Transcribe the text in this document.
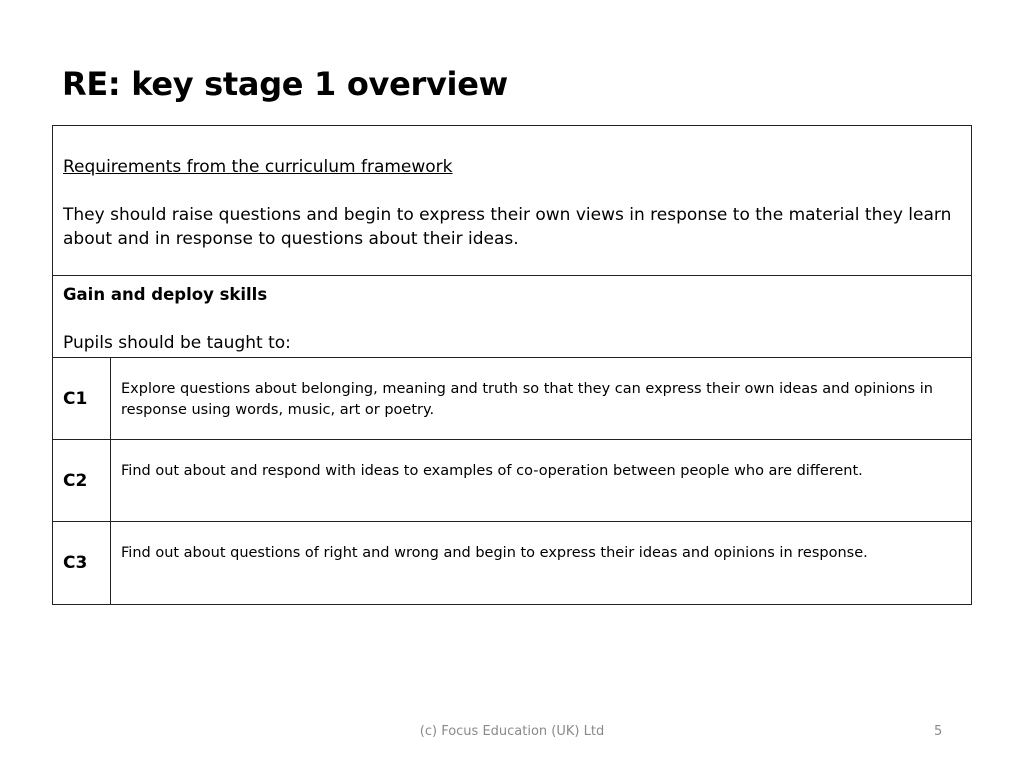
RE: key stage 1 overview
Requirements from the curriculum framework
They should raise questions and begin to express their own views in response to the material they learn about and in response to questions about their ideas.
Gain and deploy skills
Pupils should be taught to:
C1	Explore questions about belonging, meaning and truth so that they can express their own ideas and opinions in response using words, music, art or poetry.
C2	Find out about and respond with ideas to examples of co-operation between people who are different.
C3	Find out about questions of right and wrong and begin to express their ideas and opinions in response.
(c) Focus Education (UK) Ltd	5
